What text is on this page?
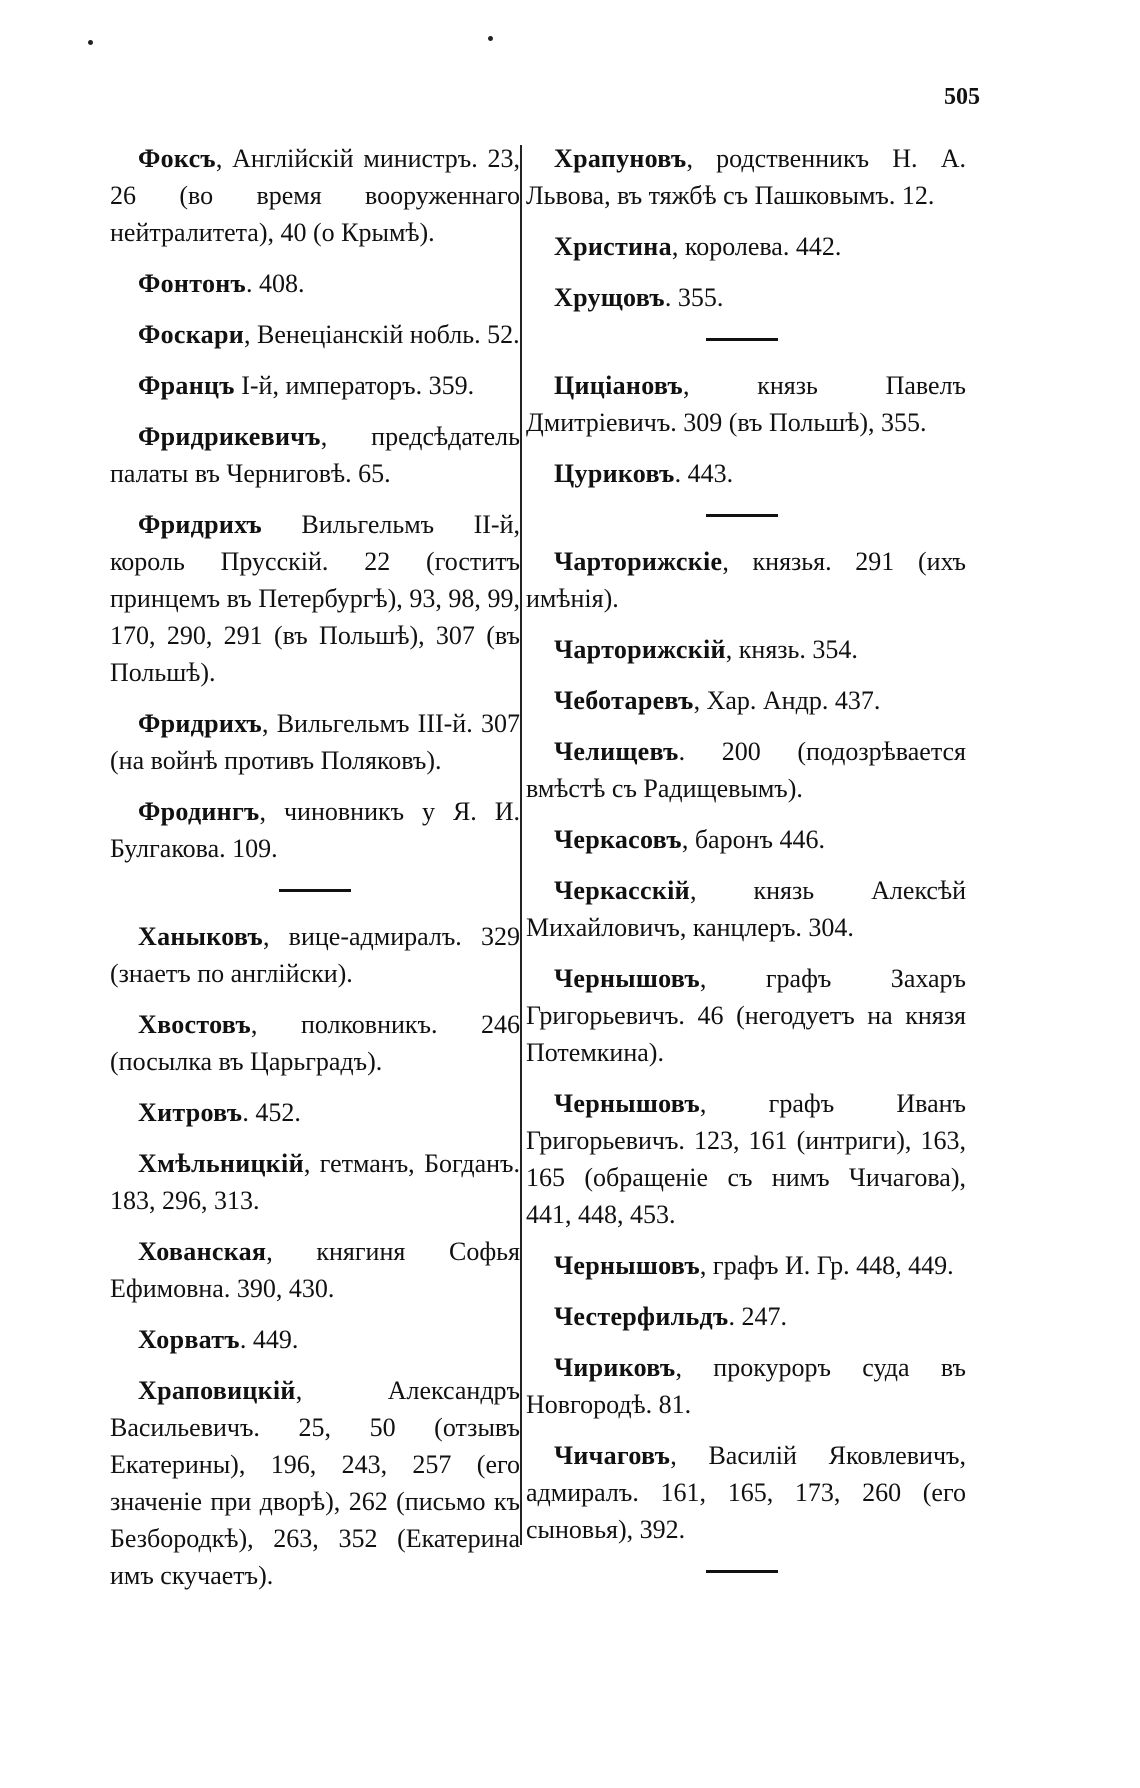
505

Фоксъ, Англійскій министръ. 23, 26 (во время вооруженнаго нейтралитета), 40 (о Крымѣ).

Фонтонъ. 408.

Фоскари, Венеціанскій нобль. 52.

Францъ I-й, императоръ. 359.

Фридрикевичъ, предсѣдатель палаты въ Черниговѣ. 65.

Фридрихъ Вильгельмъ II-й, король Прусскій. 22 (гоститъ принцемъ въ Петербургѣ), 93, 98, 99, 170, 290, 291 (въ Польшѣ), 307 (въ Польшѣ).

Фридрихъ, Вильгельмъ III-й. 307 (на войнѣ противъ Поляковъ).

Фродингъ, чиновникъ у Я. И. Булгакова. 109.

Ханыковъ, вице-адмиралъ. 329 (знаетъ по англійски).

Хвостовъ, полковникъ. 246 (посылка въ Царьградъ).

Хитровъ. 452.

Хмѣльницкій, гетманъ, Богданъ. 183, 296, 313.

Хованская, княгиня Софья Ефимовна. 390, 430.

Хорватъ. 449.

Храповицкій, Александръ Васильевичъ. 25, 50 (отзывъ Екатерины), 196, 243, 257 (его значеніе при дворѣ), 262 (письмо къ Безбородкѣ), 263, 352 (Екатерина имъ скучаетъ).

Храпуновъ, родственникъ Н. А. Львова, въ тяжбѣ съ Пашковымъ. 12.

Христина, королева. 442.

Хрущовъ. 355.

Цицiановъ, князь Павелъ Дмитріевичъ. 309 (въ Польшѣ), 355.

Цуриковъ. 443.

Чарторижскіе, князья. 291 (ихъ имѣнія).

Чарторижскій, князь. 354.

Чеботаревъ, Хар. Андр. 437.

Челищевъ. 200 (подозрѣвается вмѣстѣ съ Радищевымъ).

Черкасовъ, баронъ 446.

Черкасскій, князь Алексѣй Михайловичъ, канцлеръ. 304.

Чернышовъ, графъ Захаръ Григорьевичъ. 46 (негодуетъ на князя Потемкина).

Чернышовъ, графъ Иванъ Григорьевичъ. 123, 161 (интриги), 163, 165 (обращеніе съ нимъ Чичагова), 441, 448, 453.

Чернышовъ, графъ И. Гр. 448, 449.

Честерфильдъ. 247.

Чириковъ, прокуроръ суда въ Новгородѣ. 81.

Чичаговъ, Василій Яковлевичъ, адмиралъ. 161, 165, 173, 260 (его сыновья), 392.
